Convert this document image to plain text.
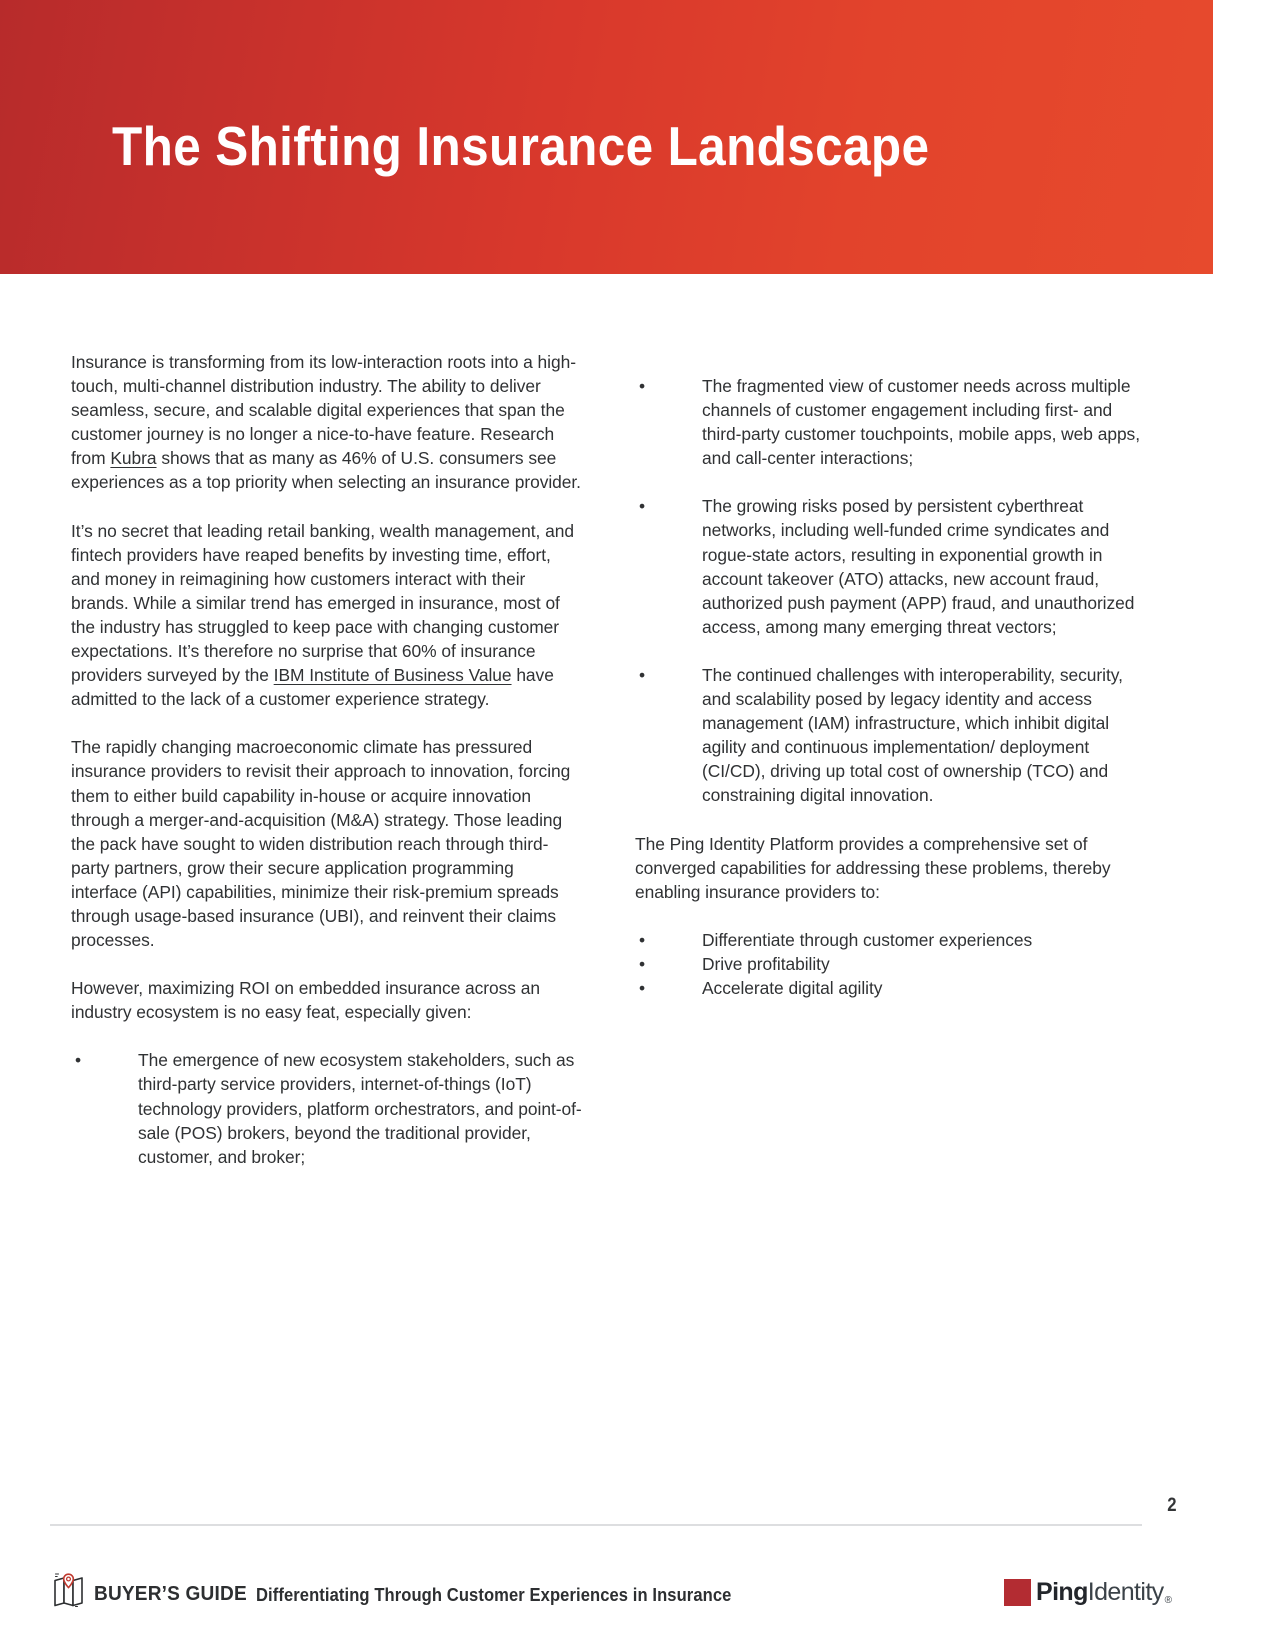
The Shifting Insurance Landscape

Insurance is transforming from its low-interaction roots into a high-touch, multi-channel distribution industry. The ability to deliver seamless, secure, and scalable digital experiences that span the customer journey is no longer a nice-to-have feature. Research from Kubra shows that as many as 46% of U.S. consumers see experiences as a top priority when selecting an insurance provider.

It’s no secret that leading retail banking, wealth management, and fintech providers have reaped benefits by investing time, effort, and money in reimagining how customers interact with their brands. While a similar trend has emerged in insurance, most of the industry has struggled to keep pace with changing customer expectations. It’s therefore no surprise that 60% of insurance providers surveyed by the IBM Institute of Business Value have admitted to the lack of a customer experience strategy.

The rapidly changing macroeconomic climate has pressured insurance providers to revisit their approach to innovation, forcing them to either build capability in-house or acquire innovation through a merger-and-acquisition (M&A) strategy. Those leading the pack have sought to widen distribution reach through third-party partners, grow their secure application programming interface (API) capabilities, minimize their risk-premium spreads through usage-based insurance (UBI), and reinvent their claims processes.

However, maximizing ROI on embedded insurance across an industry ecosystem is no easy feat, especially given:

•	The emergence of new ecosystem stakeholders, such as third-party service providers, internet-of-things (IoT) technology providers, platform orchestrators, and point-of-sale (POS) brokers, beyond the traditional provider, customer, and broker;
•	The fragmented view of customer needs across multiple channels of customer engagement including first- and third-party customer touchpoints, mobile apps, web apps, and call-center interactions;
•	The growing risks posed by persistent cyberthreat networks, including well-funded crime syndicates and rogue-state actors, resulting in exponential growth in account takeover (ATO) attacks, new account fraud, authorized push payment (APP) fraud, and unauthorized access, among many emerging threat vectors;
•	The continued challenges with interoperability, security, and scalability posed by legacy identity and access management (IAM) infrastructure, which inhibit digital agility and continuous implementation/ deployment (CI/CD), driving up total cost of ownership (TCO) and constraining digital innovation.

The Ping Identity Platform provides a comprehensive set of converged capabilities for addressing these problems, thereby enabling insurance providers to:

•	Differentiate through customer experiences
•	Drive profitability
•	Accelerate digital agility
2
BUYER’S GUIDE Differentiating Through Customer Experiences in Insurance	Ping Identity ®
